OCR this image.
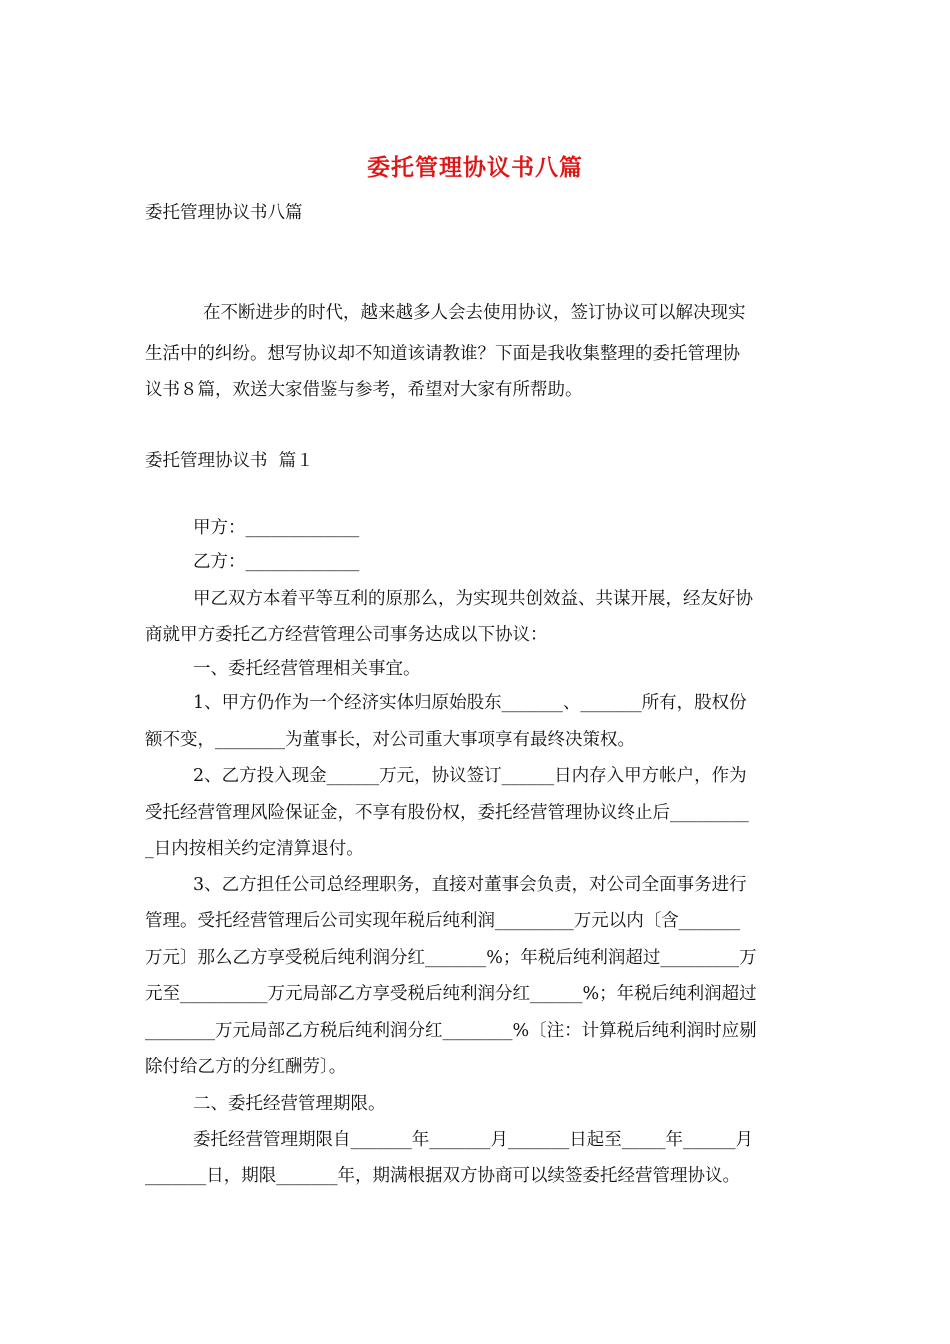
委托管理协议书八篇
委托管理协议书八篇
在不断进步的时代，越来越多人会去使用协议，签订协议可以解决现实
生活中的纠纷。想写协议却不知道该请教谁？下面是我收集整理的委托管理协
议书８篇，欢送大家借鉴与参考，希望对大家有所帮助。
委托管理协议书  篇１
甲方：_____________
乙方：_____________
甲乙双方本着平等互利的原那么，为实现共创效益、共谋开展，经友好协
商就甲方委托乙方经营管理公司事务达成以下协议：
一、委托经营管理相关事宜。
1、甲方仍作为一个经济实体归原始股东_______、_______所有，股权份
额不变，________为董事长，对公司重大事项享有最终决策权。
2、乙方投入现金______万元，协议签订______日内存入甲方帐户，作为
受托经营管理风险保证金，不享有股份权，委托经营管理协议终止后_________
_日内按相关约定清算退付。
3、乙方担任公司总经理职务，直接对董事会负责，对公司全面事务进行
管理。受托经营管理后公司实现年税后纯利润_________万元以内〔含_______
万元〕那么乙方享受税后纯利润分红_______%；年税后纯利润超过_________万
元至__________万元局部乙方享受税后纯利润分红______%；年税后纯利润超过
________万元局部乙方税后纯利润分红________%〔注：计算税后纯利润时应剔
除付给乙方的分红酬劳〕。
二、委托经营管理期限。
委托经营管理期限自_______年_______月_______日起至_____年______月
_______日，期限_______年，期满根据双方协商可以续签委托经营管理协议。
